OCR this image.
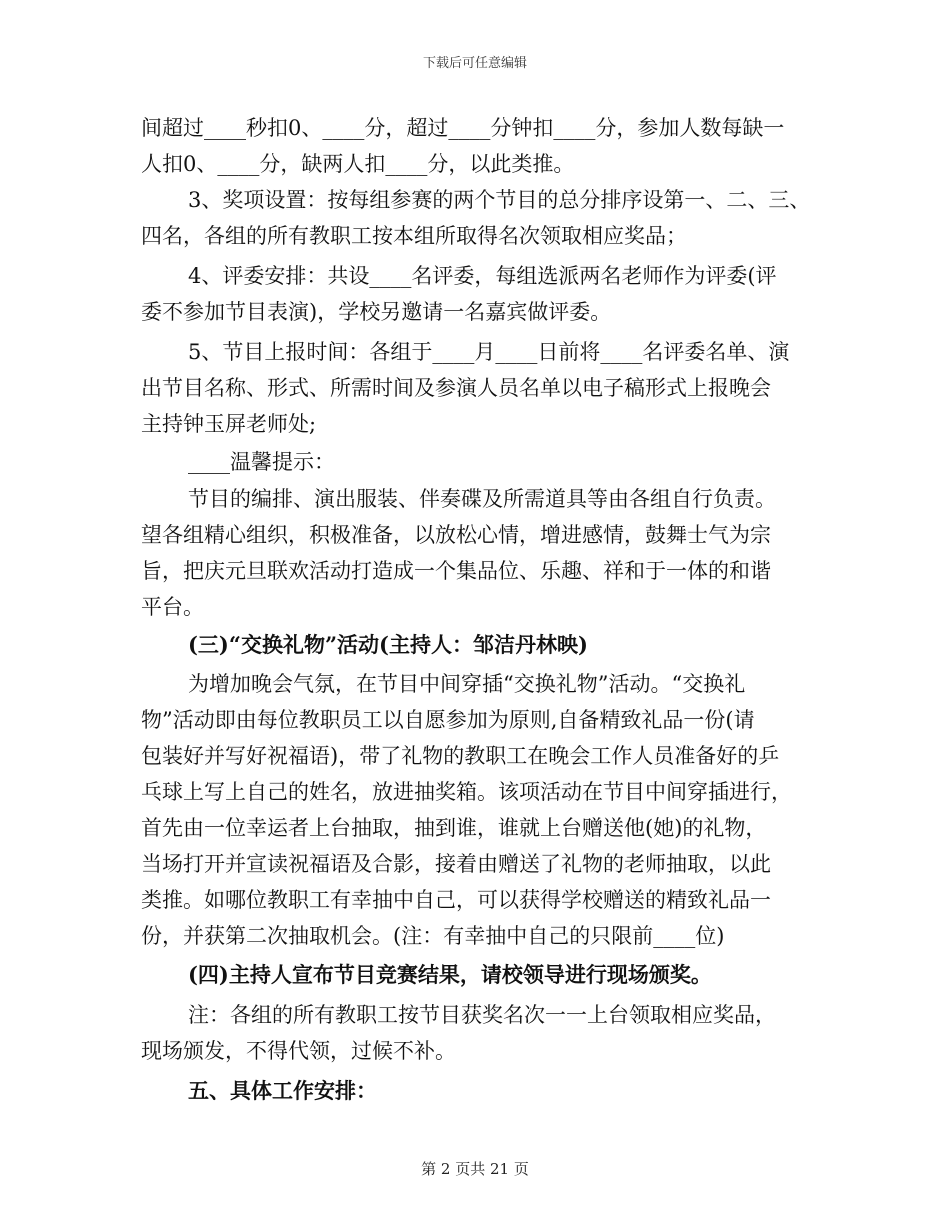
下载后可任意编辑
间超过____秒扣0、____分，超过____分钟扣____分，参加人数每缺一
人扣0、____分，缺两人扣____分，以此类推。
3、奖项设置：按每组参赛的两个节目的总分排序设第一、二、三、
四名，各组的所有教职工按本组所取得名次领取相应奖品；
4、评委安排：共设____名评委，每组选派两名老师作为评委(评
委不参加节目表演)，学校另邀请一名嘉宾做评委。
5、节目上报时间：各组于____月____日前将____名评委名单、演
出节目名称、形式、所需时间及参演人员名单以电子稿形式上报晚会
主持钟玉屏老师处;
____温馨提示：
节目的编排、演出服装、伴奏碟及所需道具等由各组自行负责。
望各组精心组织，积极准备，以放松心情，增进感情，鼓舞士气为宗
旨，把庆元旦联欢活动打造成一个集品位、乐趣、祥和于一体的和谐
平台。
(三)“交换礼物”活动(主持人：邹洁丹林映)
为增加晚会气氛，在节目中间穿插“交换礼物”活动。“交换礼
物”活动即由每位教职员工以自愿参加为原则,自备精致礼品一份(请
包装好并写好祝福语)，带了礼物的教职工在晚会工作人员准备好的乒
乓球上写上自己的姓名，放进抽奖箱。该项活动在节目中间穿插进行，
首先由一位幸运者上台抽取，抽到谁，谁就上台赠送他(她)的礼物，
当场打开并宣读祝福语及合影，接着由赠送了礼物的老师抽取，以此
类推。如哪位教职工有幸抽中自己，可以获得学校赠送的精致礼品一
份，并获第二次抽取机会。(注：有幸抽中自己的只限前____位)
(四)主持人宣布节目竞赛结果，请校领导进行现场颁奖。
注：各组的所有教职工按节目获奖名次一一上台领取相应奖品，
现场颁发，不得代领，过候不补。
五、具体工作安排：
第 2 页共 21 页
